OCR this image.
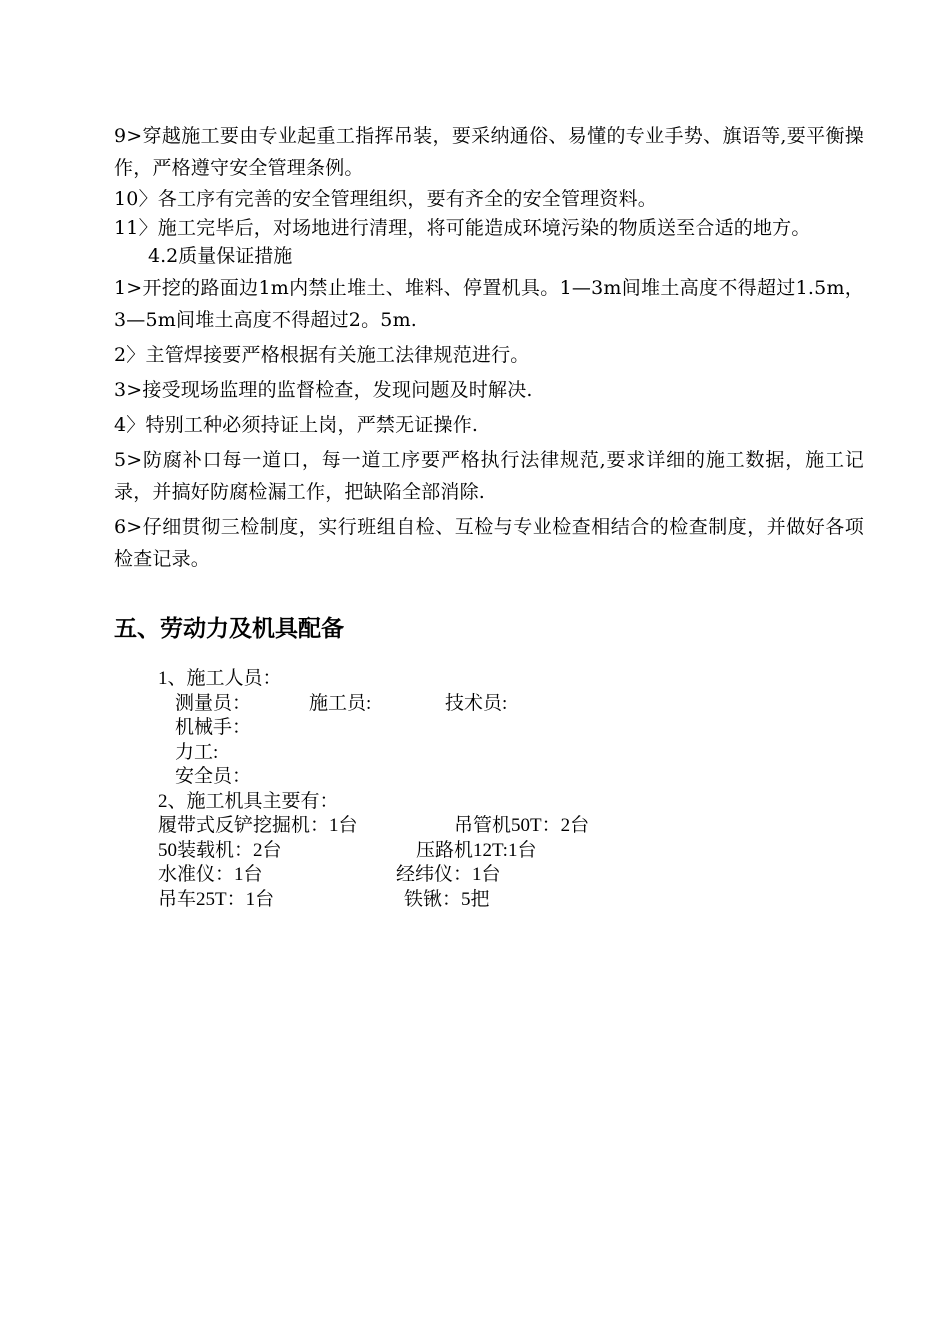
9>穿越施工要由专业起重工指挥吊装，要采纳通俗、易懂的专业手势、旗语等,要平衡操作，严格遵守安全管理条例。

10〉各工序有完善的安全管理组织，要有齐全的安全管理资料。

11〉施工完毕后，对场地进行清理，将可能造成环境污染的物质送至合适的地方。

4.2质量保证措施

1>开挖的路面边1m内禁止堆土、堆料、停置机具。1—3m间堆土高度不得超过1.5m，3—5m间堆土高度不得超过2。5m.

2〉主管焊接要严格根据有关施工法律规范进行。

3>接受现场监理的监督检查，发现问题及时解决.

4〉特别工种必须持证上岗，严禁无证操作.

5>防腐补口每一道口，每一道工序要严格执行法律规范,要求详细的施工数据，施工记录，并搞好防腐检漏工作，把缺陷全部消除.

6>仔细贯彻三检制度，实行班组自检、互检与专业检查相结合的检查制度，并做好各项检查记录。

五、劳动力及机具配备
1、施工人员：
测量员：	施工员:	技术员:
机械手：
力工:
安全员：
2、施工机具主要有：
履带式反铲挖掘机：1台	吊管机50T：2台
50装载机：2台	压路机12T:1台
水准仪：1台	经纬仪：1台
吊车25T：1台	铁锹：5把
